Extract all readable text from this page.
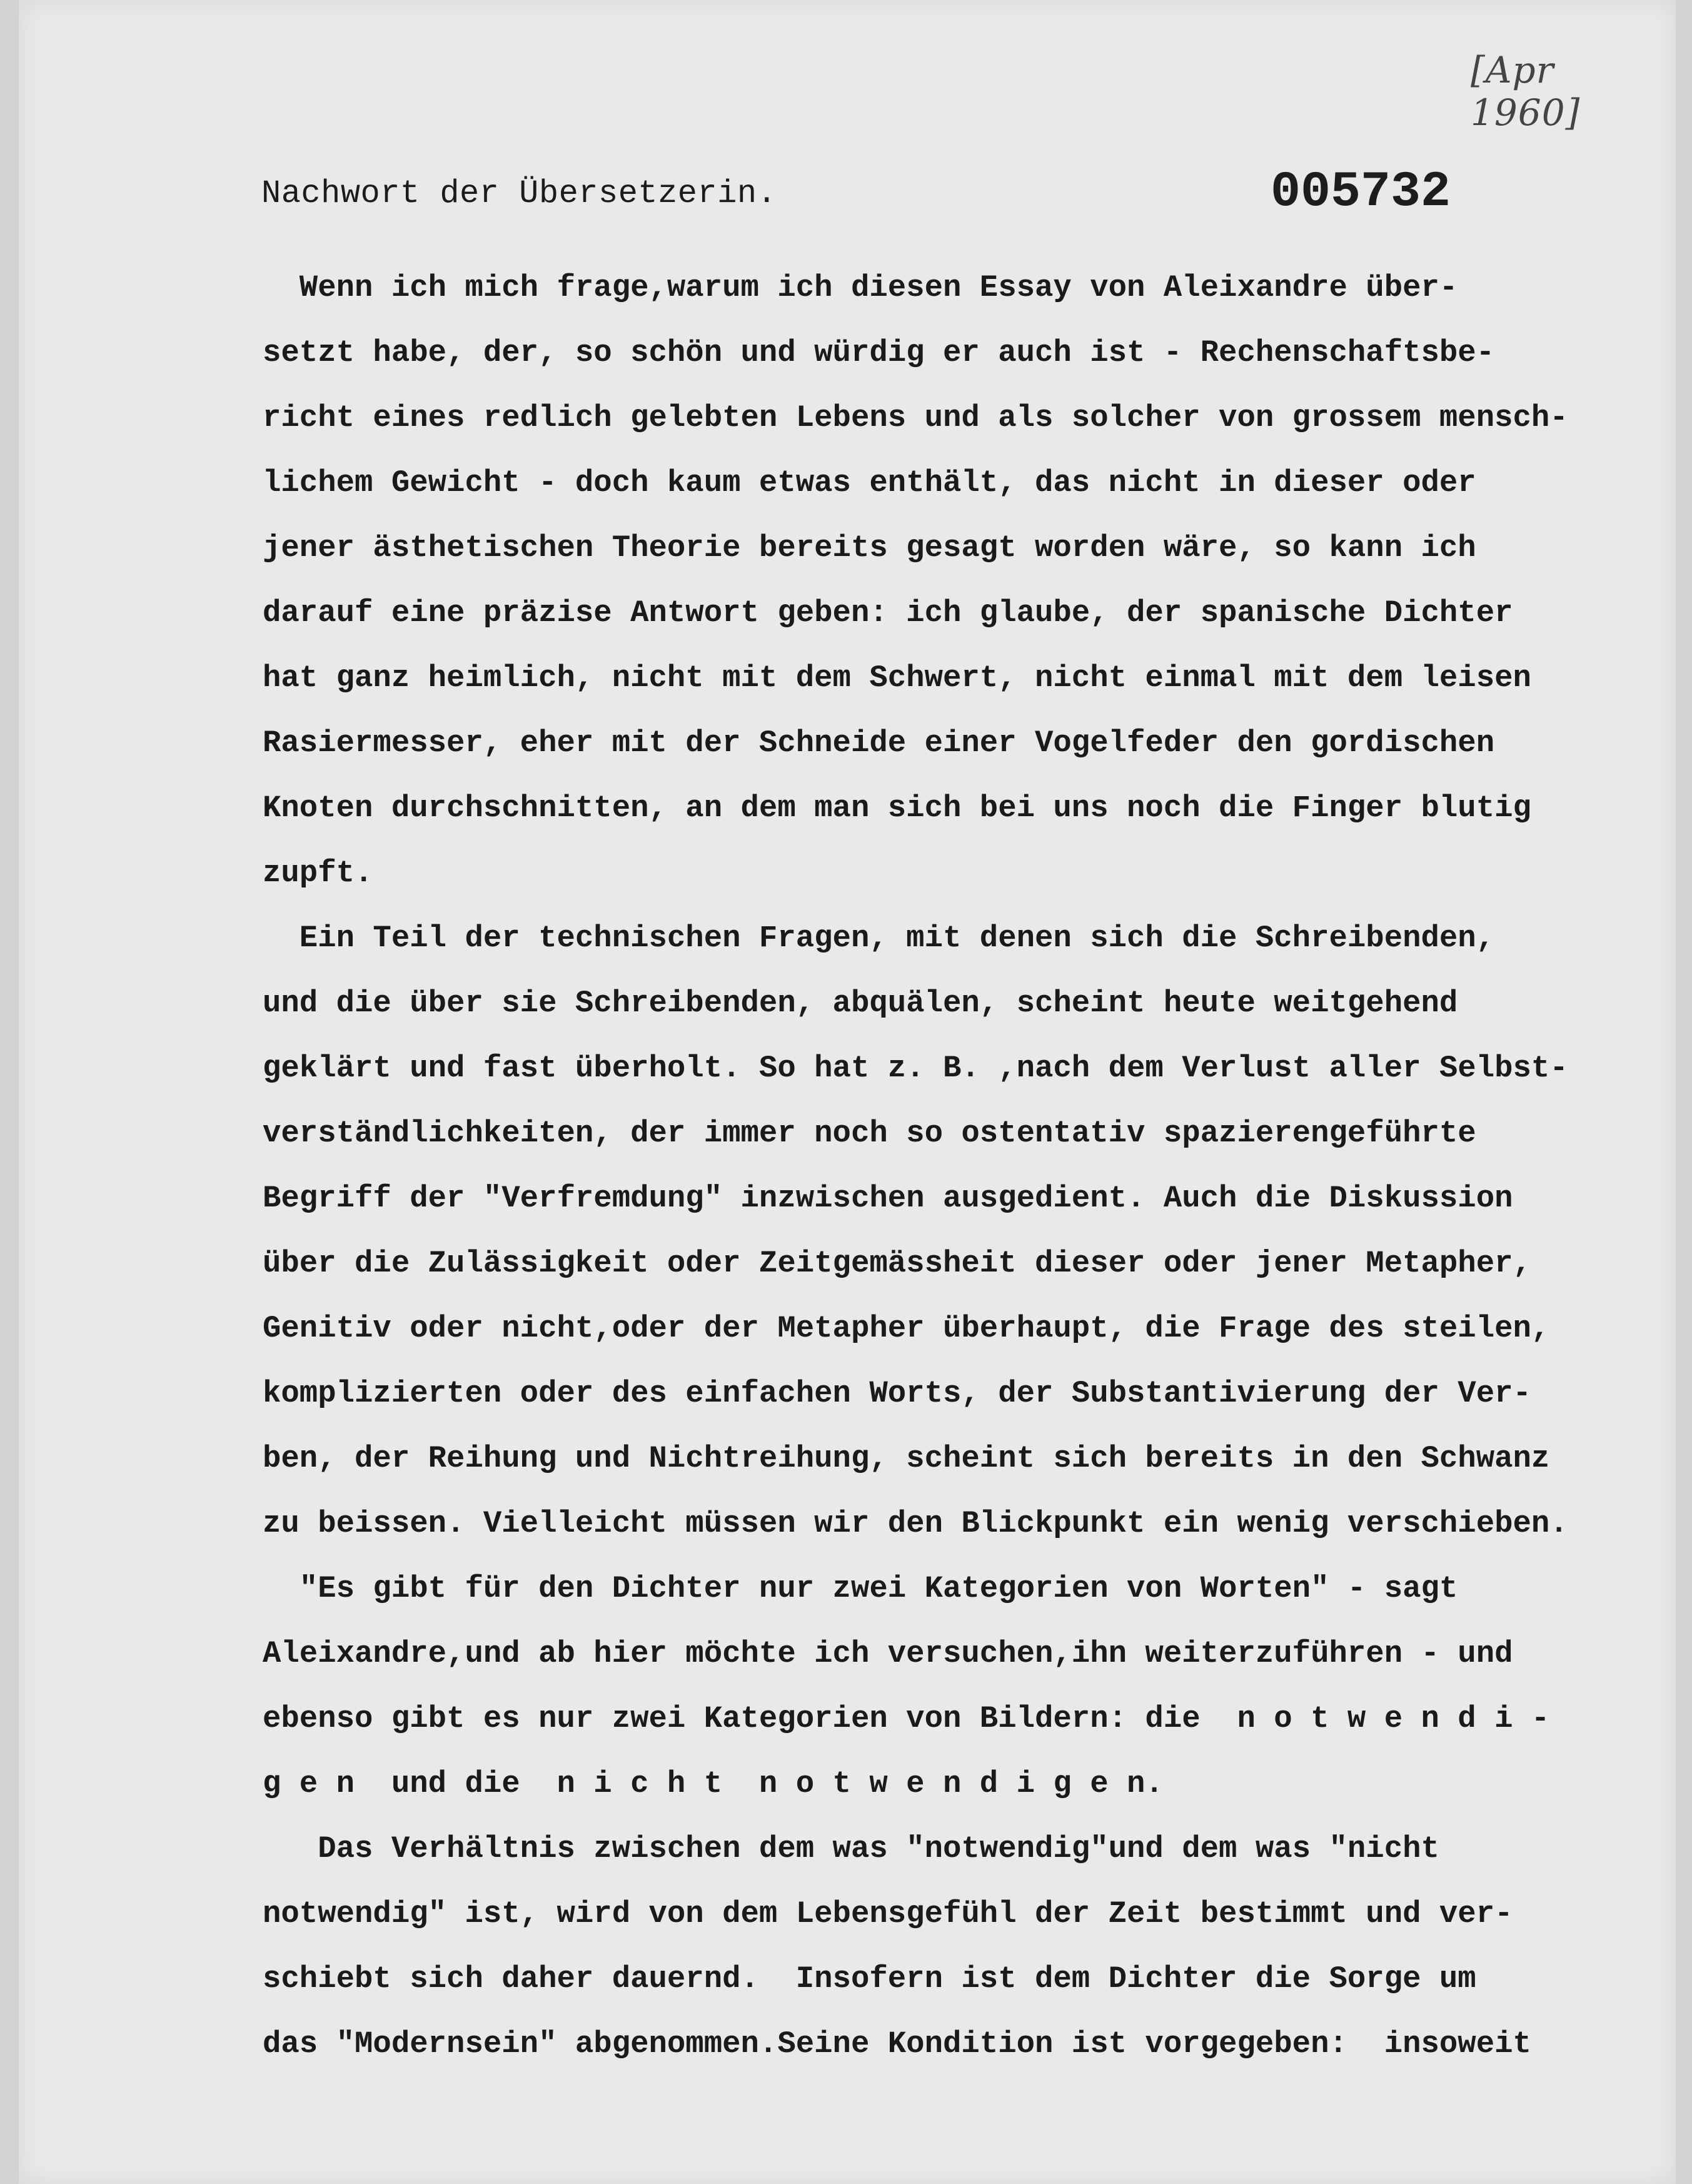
[Apr 1960]
Nachwort der Übersetzerin.	005732
Wenn ich mich frage,warum ich diesen Essay von Aleixandre über-
setzt habe, der, so schön und würdig er auch ist - Rechenschaftsbe-
richt eines redlich gelebten Lebens und als solcher von grossem mensch-
lichem Gewicht - doch kaum etwas enthält, das nicht in dieser oder
jener ästhetischen Theorie bereits gesagt worden wäre, so kann ich
darauf eine präzise Antwort geben: ich glaube, der spanische Dichter
hat ganz heimlich, nicht mit dem Schwert, nicht einmal mit dem leisen
Rasiermesser, eher mit der Schneide einer Vogelfeder den gordischen
Knoten durchschnitten, an dem man sich bei uns noch die Finger blutig
zupft.
Ein Teil der technischen Fragen, mit denen sich die Schreibenden,
und die über sie Schreibenden, abquälen, scheint heute weitgehend
geklärt und fast überholt. So hat z. B. ,nach dem Verlust aller Selbst-
verständlichkeiten, der immer noch so ostentativ spazierengeführte
Begriff der "Verfremdung" inzwischen ausgedient. Auch die Diskussion
über die Zulässigkeit oder Zeitgemässheit dieser oder jener Metapher,
Genitiv oder nicht,oder der Metapher überhaupt, die Frage des steilen,
komplizierten oder des einfachen Worts, der Substantivierung der Ver-
ben, der Reihung und Nichtreihung, scheint sich bereits in den Schwanz
zu beissen. Vielleicht müssen wir den Blickpunkt ein wenig verschieben.
"Es gibt für den Dichter nur zwei Kategorien von Worten" - sagt
Aleixandre,und ab hier möchte ich versuchen,ihn weiterzuführen - und
ebenso gibt es nur zwei Kategorien von Bildern: die  n o t w e n d i -
g e n  und die  n i c h t  n o t w e n d i g e n.
Das Verhältnis zwischen dem was "notwendig"und dem was "nicht
notwendig" ist, wird von dem Lebensgefühl der Zeit bestimmt und ver-
schiebt sich daher dauernd.  Insofern ist dem Dichter die Sorge um
das "Modernsein" abgenommen.Seine Kondition ist vorgegeben:  insoweit
